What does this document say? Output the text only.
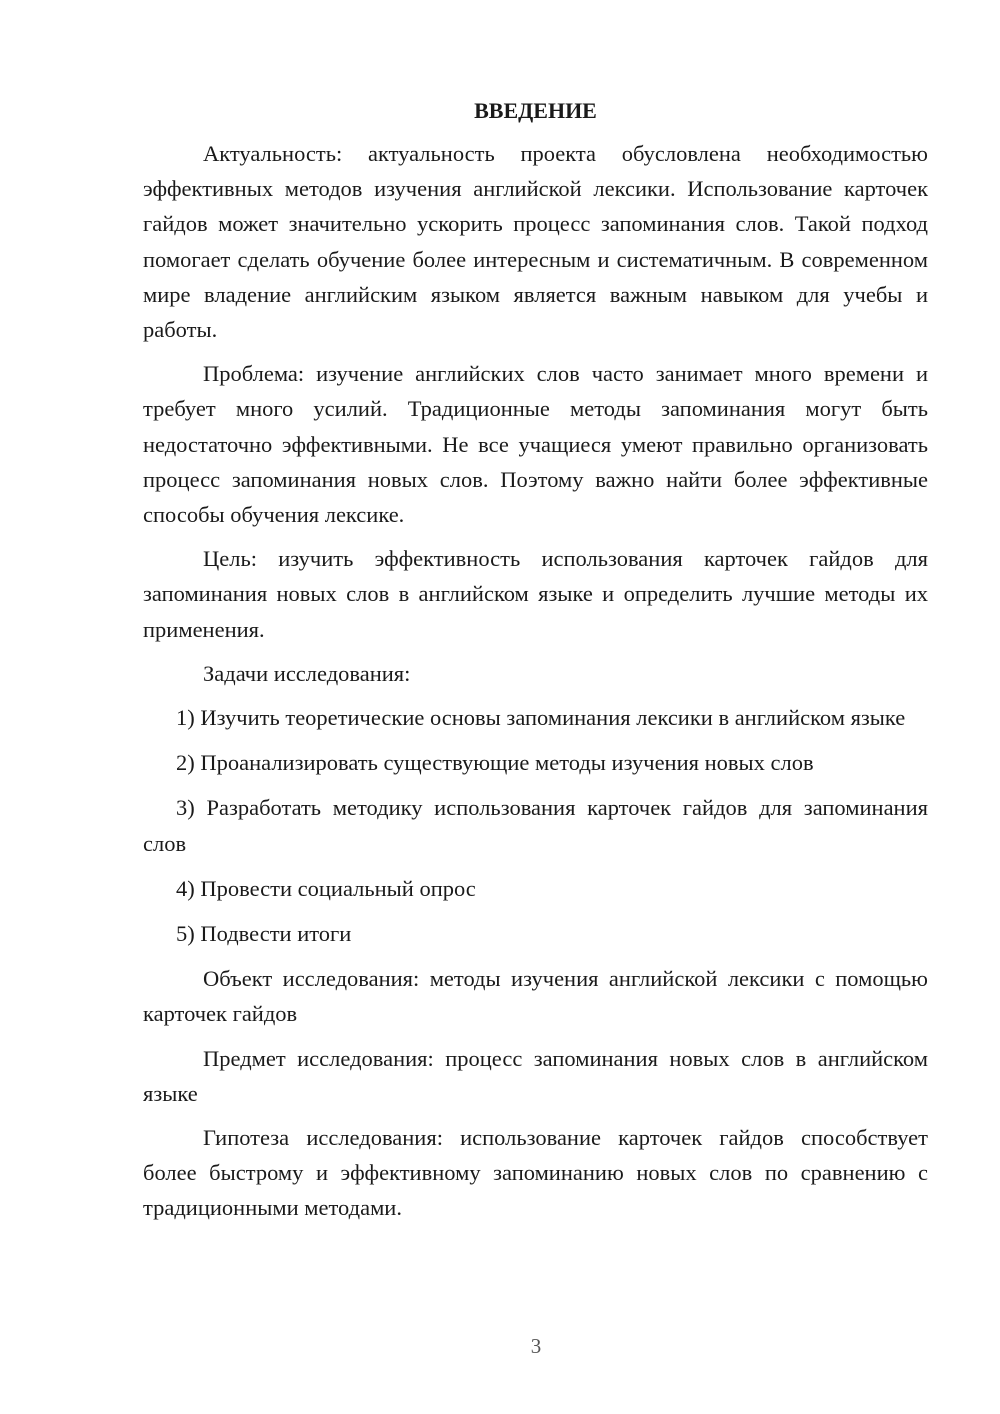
ВВЕДЕНИЕ

Актуальность: актуальность проекта обусловлена необходимостью эффективных методов изучения английской лексики. Использование карточек гайдов может значительно ускорить процесс запоминания слов. Такой подход помогает сделать обучение более интересным и систематичным. В современном мире владение английским языком является важным навыком для учебы и работы.

Проблема: изучение английских слов часто занимает много времени и требует много усилий. Традиционные методы запоминания могут быть недостаточно эффективными. Не все учащиеся умеют правильно организовать процесс запоминания новых слов. Поэтому важно найти более эффективные способы обучения лексике.

Цель: изучить эффективность использования карточек гайдов для запоминания новых слов в английском языке и определить лучшие методы их применения.

Задачи исследования:

1) Изучить теоретические основы запоминания лексики в английском языке

2) Проанализировать существующие методы изучения новых слов

3) Разработать методику использования карточек гайдов для запоминания слов

4) Провести социальный опрос

5) Подвести итоги

Объект исследования: методы изучения английской лексики с помощью карточек гайдов

Предмет исследования: процесс запоминания новых слов в английском языке

Гипотеза исследования: использование карточек гайдов способствует более быстрому и эффективному запоминанию новых слов по сравнению с традиционными методами.

3
